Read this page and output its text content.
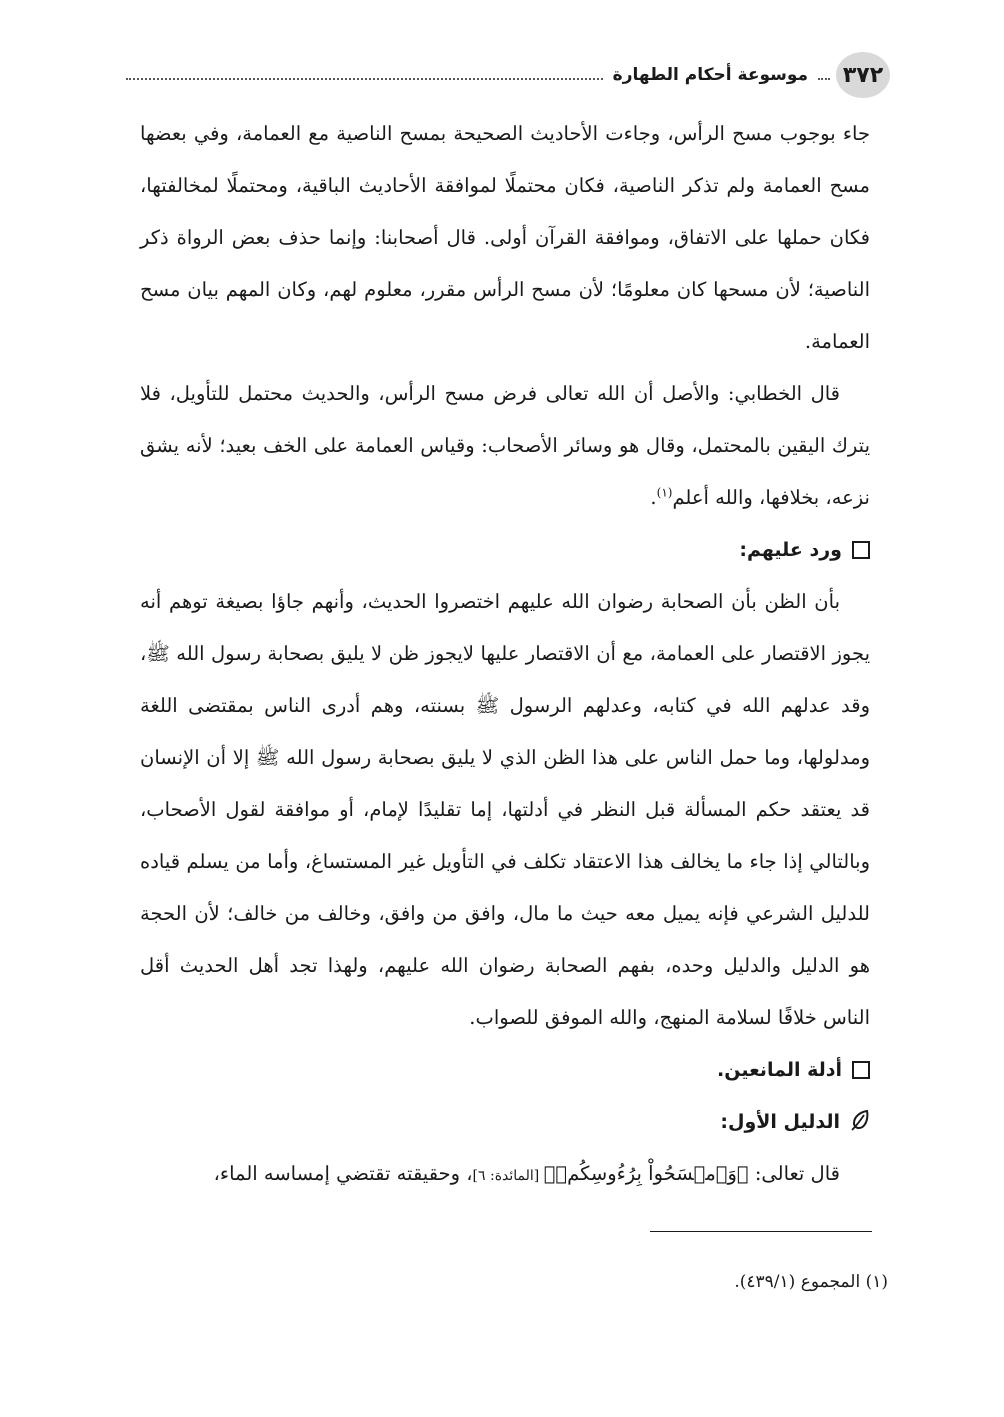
٣٧٢
موسوعة أحكام الطهارة

جاء بوجوب مسح الرأس، وجاءت الأحاديث الصحيحة بمسح الناصية مع العمامة، وفي بعضها مسح العمامة ولم تذكر الناصية، فكان محتملًا لموافقة الأحاديث الباقية، ومحتملًا لمخالفتها، فكان حملها على الاتفاق، وموافقة القرآن أولى. قال أصحابنا: وإنما حذف بعض الرواة ذكر الناصية؛ لأن مسحها كان معلومًا؛ لأن مسح الرأس مقرر، معلوم لهم، وكان المهم بيان مسح العمامة.

قال الخطابي: والأصل أن الله تعالى فرض مسح الرأس، والحديث محتمل للتأويل، فلا يترك اليقين بالمحتمل، وقال هو وسائر الأصحاب: وقياس العمامة على الخف بعيد؛ لأنه يشق نزعه، بخلافها، والله أعلم$^{(١)}$.

ورد عليهم:

بأن الظن بأن الصحابة رضوان الله عليهم اختصروا الحديث، وأنهم جاؤا بصيغة توهم أنه يجوز الاقتصار على العمامة، مع أن الاقتصار عليها لايجوز ظن لا يليق بصحابة رسول الله ﷺ، وقد عدلهم الله في كتابه، وعدلهم الرسول ﷺ بسنته، وهم أدرى الناس بمقتضى اللغة ومدلولها، وما حمل الناس على هذا الظن الذي لا يليق بصحابة رسول الله ﷺ إلا أن الإنسان قد يعتقد حكم المسألة قبل النظر في أدلتها، إما تقليدًا لإمام، أو موافقة لقول الأصحاب، وبالتالي إذا جاء ما يخالف هذا الاعتقاد تكلف في التأويل غير المستساغ، وأما من يسلم قياده للدليل الشرعي فإنه يميل معه حيث ما مال، وافق من وافق، وخالف من خالف؛ لأن الحجة هو الدليل والدليل وحده، بفهم الصحابة رضوان الله عليهم، ولهذا تجد أهل الحديث أقل الناس خلافًا لسلامة المنهج، والله الموفق للصواب.

أدلة المانعين.
الدليل الأول:

قال تعالى: ﴿وَٱمۡسَحُواْ بِرُءُوسِكُمۡ﴾ [المائدة: ٦]، وحقيقته تقتضي إمساسه الماء،

(١) المجموع (٤٣٩/١).
